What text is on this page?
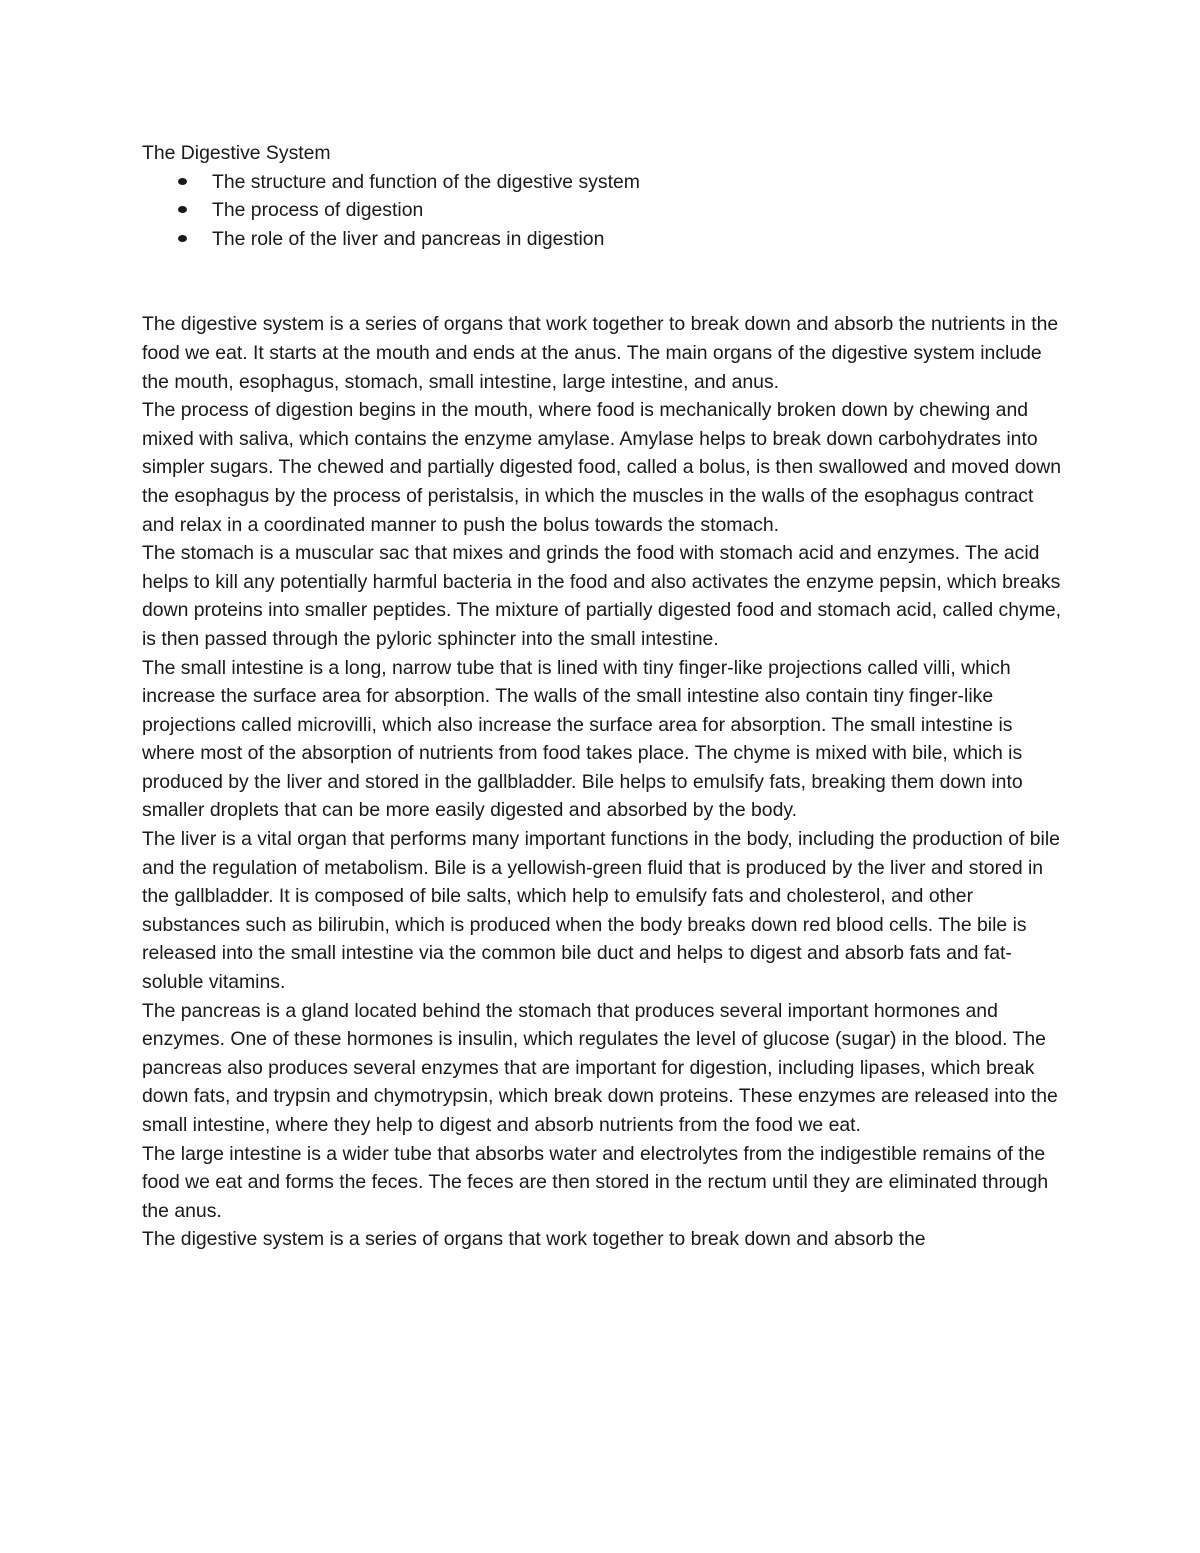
The Digestive System
The structure and function of the digestive system
The process of digestion
The role of the liver and pancreas in digestion

The digestive system is a series of organs that work together to break down and absorb the nutrients in the food we eat. It starts at the mouth and ends at the anus. The main organs of the digestive system include the mouth, esophagus, stomach, small intestine, large intestine, and anus.

The process of digestion begins in the mouth, where food is mechanically broken down by chewing and mixed with saliva, which contains the enzyme amylase. Amylase helps to break down carbohydrates into simpler sugars. The chewed and partially digested food, called a bolus, is then swallowed and moved down the esophagus by the process of peristalsis, in which the muscles in the walls of the esophagus contract and relax in a coordinated manner to push the bolus towards the stomach.

The stomach is a muscular sac that mixes and grinds the food with stomach acid and enzymes. The acid helps to kill any potentially harmful bacteria in the food and also activates the enzyme pepsin, which breaks down proteins into smaller peptides. The mixture of partially digested food and stomach acid, called chyme, is then passed through the pyloric sphincter into the small intestine.

The small intestine is a long, narrow tube that is lined with tiny finger-like projections called villi, which increase the surface area for absorption. The walls of the small intestine also contain tiny finger-like projections called microvilli, which also increase the surface area for absorption. The small intestine is where most of the absorption of nutrients from food takes place. The chyme is mixed with bile, which is produced by the liver and stored in the gallbladder. Bile helps to emulsify fats, breaking them down into smaller droplets that can be more easily digested and absorbed by the body.

The liver is a vital organ that performs many important functions in the body, including the production of bile and the regulation of metabolism. Bile is a yellowish-green fluid that is produced by the liver and stored in the gallbladder. It is composed of bile salts, which help to emulsify fats and cholesterol, and other substances such as bilirubin, which is produced when the body breaks down red blood cells. The bile is released into the small intestine via the common bile duct and helps to digest and absorb fats and fat-soluble vitamins.

The pancreas is a gland located behind the stomach that produces several important hormones and enzymes. One of these hormones is insulin, which regulates the level of glucose (sugar) in the blood. The pancreas also produces several enzymes that are important for digestion, including lipases, which break down fats, and trypsin and chymotrypsin, which break down proteins. These enzymes are released into the small intestine, where they help to digest and absorb nutrients from the food we eat.

The large intestine is a wider tube that absorbs water and electrolytes from the indigestible remains of the food we eat and forms the feces. The feces are then stored in the rectum until they are eliminated through the anus.

The digestive system is a series of organs that work together to break down and absorb the
